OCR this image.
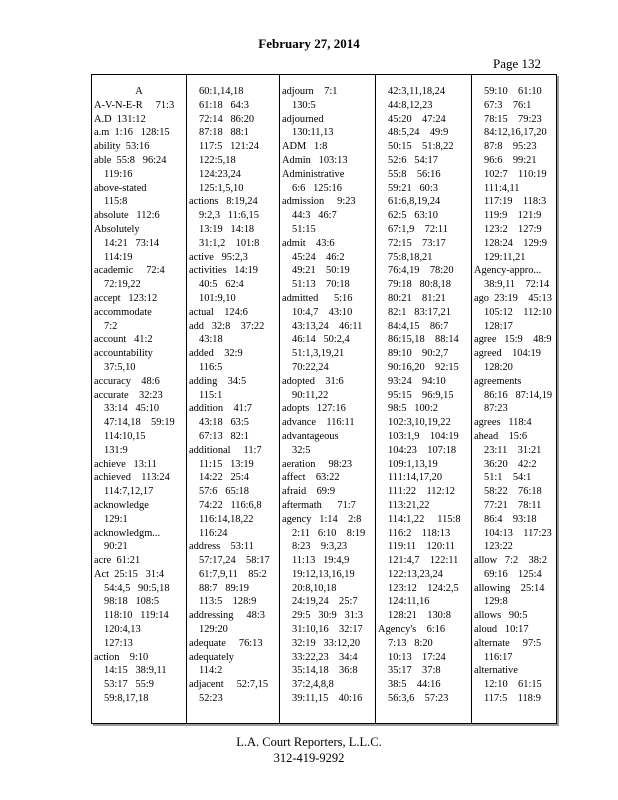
February 27, 2014
Page 132
A
A-V-N-E-R     71:3
A.D  131:12
a.m  1:16   128:15
ability  53:16
able  55:8   96:24
119:16
above-stated
115:8
absolute   112:6
Absolutely
14:21   73:14
114:19
academic     72:4
72:19,22
accept   123:12
accommodate
7:2
account   41:2
accountability
37:5,10
accuracy    48:6
accurate    32:23
33:14   45:10
47:14,18    59:19
114:10,15
131:9
achieve   13:11
achieved    113:24
114:7,12,17
acknowledge
129:1
acknowledgm...
90:21
acre  61:21
Act  25:15   31:4
54:4,5   90:5,18
98:18   108:5
118:10   119:14
120:4,13
127:13
action    9:10
14:15   38:9,11
53:17   55:9
59:8,17,18
60:1,14,18
61:18   64:3
72:14   86:20
87:18   88:1
117:5   121:24
122:5,18
124:23,24
125:1,5,10
actions   8:19,24
9:2,3   11:6,15
13:19   14:18
31:1,2    101:8
active   95:2,3
activities   14:19
40:5   62:4
101:9,10
actual    124:6
add   32:8    37:22
43:18
added    32:9
116:5
adding    34:5
115:1
addition    41:7
43:18   63:5
67:13   82:1
additional     11:7
11:15   13:19
14:22   25:4
57:6   65:18
74:22   116:6,8
116:14,18,22
116:24
address    53:11
57:17,24    58:17
61:7,9,11    85:2
88:7   89:19
113:5    128:9
addressing     48:3
129:20
adequate     76:13
adequately
114:2
adjacent     52:7,15
52:23
adjourn    7:1
130:5
adjourned
130:11,13
ADM   1:8
Admin   103:13
Administrative
6:6   125:16
admission     9:23
44:3   46:7
51:15
admit    43:6
45:24    46:2
49:21    50:19
51:13    70:18
admitted      5:16
10:4,7    43:10
43:13,24    46:11
46:14   50:2,4
51:1,3,19,21
70:22,24
adopted    31:6
90:11,22
adopts   127:16
advance    116:11
advantageous
32:5
aeration     98:23
affect    63:22
afraid    69:9
aftermath      71:7
agency   1:14    2:8
2:11   6:10    8:19
8:23    9:3,23
11:13   19:4,9
19:12,13,16,19
20:8,10,18
24:19,24    25:7
29:5   30:9   31:3
31:10,16    32:17
32:19   33:12,20
33:22,23    34:4
35:14,18    36:8
37:2,4,8,8
39:11,15    40:16
42:3,11,18,24
44:8,12,23
45:20    47:24
48:5,24    49:9
50:15    51:8,22
52:6   54:17
55:8    56:16
59:21   60:3
61:6,8,19,24
62:5   63:10
67:1,9    72:11
72:15    73:17
75:8,18,21
76:4,19    78:20
79:18   80:8,18
80:21    81:21
82:1   83:17,21
84:4,15    86:7
86:15,18    88:14
89:10    90:2,7
90:16,20    92:15
93:24    94:10
95:15    96:9,15
98:5   100:2
102:3,10,19,22
103:1,9    104:19
104:23    107:18
109:1,13,19
111:14,17,20
111:22    112:12
113:21,22
114:1,22     115:8
116:2    118:13
119:11    120:11
121:4,7    122:11
122:13,23,24
123:12    124:2,5
124:11,16
128:21    130:8
Agency's    6:16
7:13   8:20
10:13    17:24
35:17    37:8
38:5    44:16
56:3,6    57:23
59:10    61:10
67:3    76:1
78:15    79:23
84:12,16,17,20
87:8    95:23
96:6    99:21
102:7    110:19
111:4,11
117:19    118:3
119:9    121:9
123:2    127:9
128:24    129:9
129:11,21
Agency-appro...
38:9,11    72:14
ago  23:19    45:13
105:12    112:10
128:17
agree   15:9    48:9
agreed    104:19
128:20
agreements
86:16   87:14,19
87:23
agrees   118:4
ahead    15:6
23:11    31:21
36:20    42:2
51:1    54:1
58:22    76:18
77:21    78:11
86:4    93:18
104:13    117:23
123:22
allow   7:2    38:2
69:16    125:4
allowing    25:14
129:8
allows   90:5
aloud   10:17
alternate     97:5
116:17
alternative
12:10    61:15
117:5    118:9
L.A. Court Reporters, L.L.C.
312-419-9292
